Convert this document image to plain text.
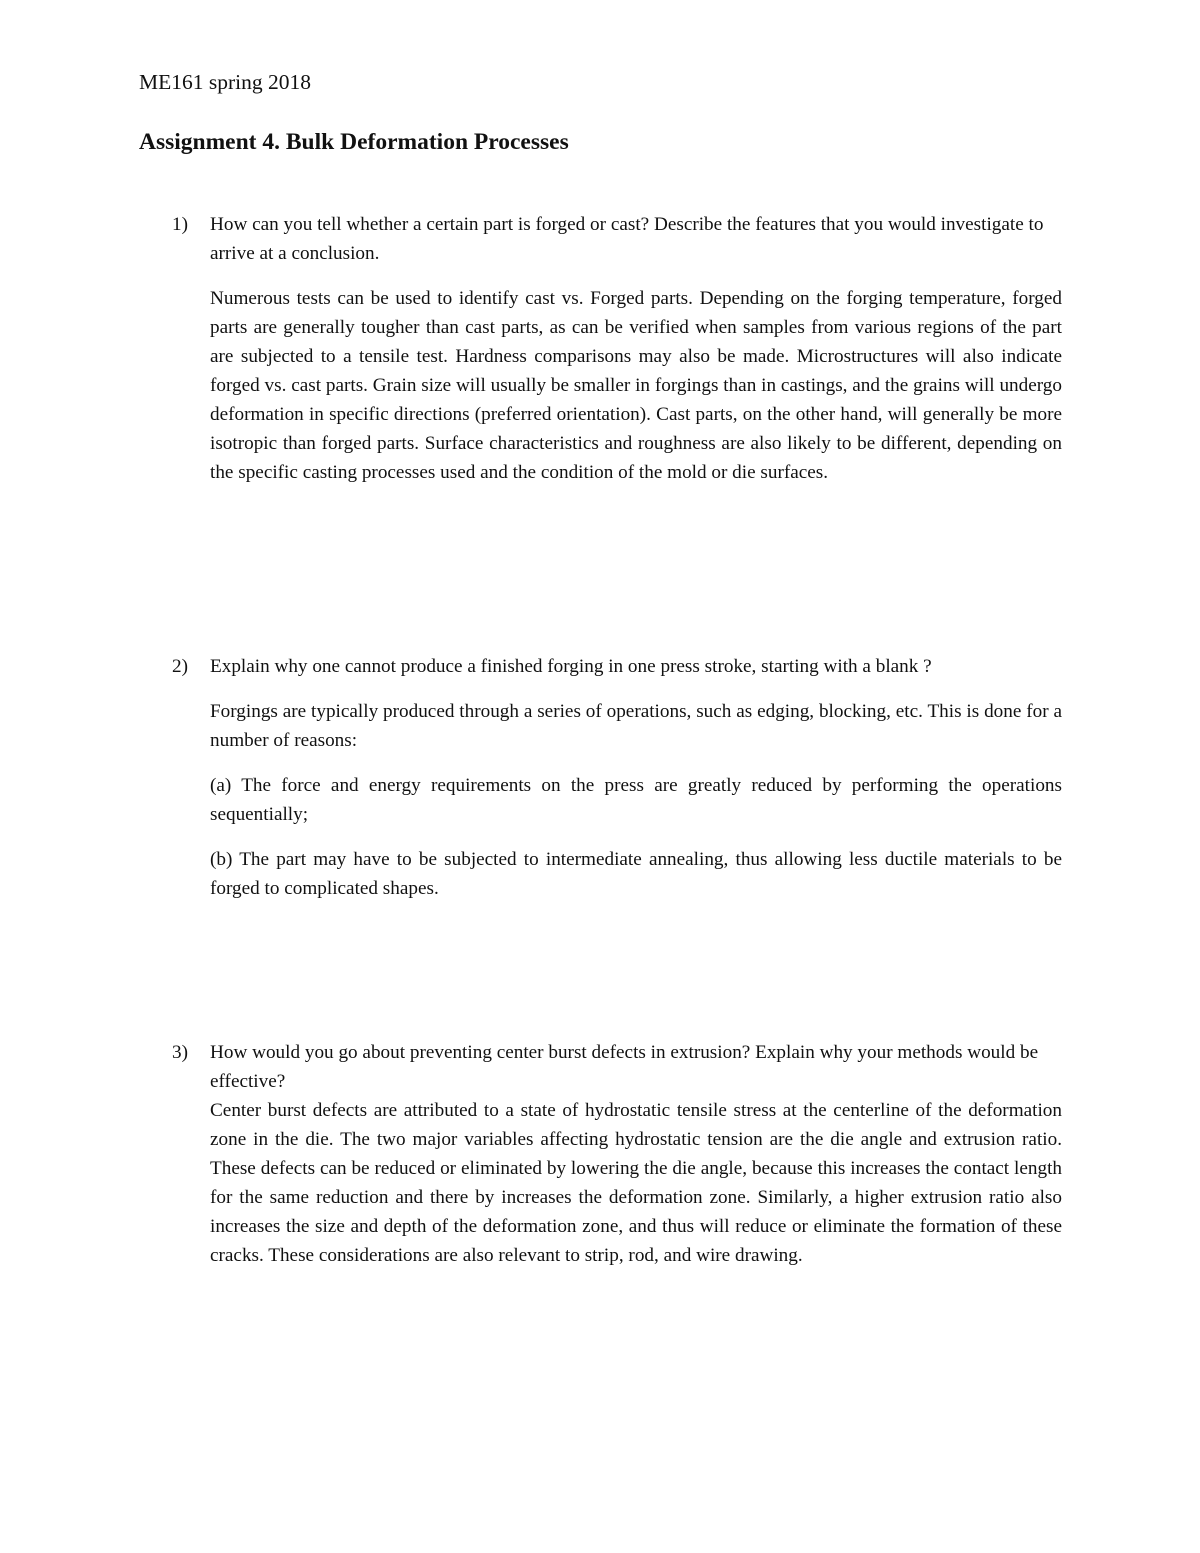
ME161 spring 2018
Assignment 4. Bulk Deformation Processes
1)	How can you tell whether a certain part is forged or cast? Describe the features that you would investigate to arrive at a conclusion.

Numerous tests can be used to identify cast vs. Forged parts. Depending on the forging temperature, forged parts are generally tougher than cast parts, as can be verified when samples from various regions of the part are subjected to a tensile test. Hardness comparisons may also be made. Microstructures will also indicate forged vs. cast parts. Grain size will usually be smaller in forgings than in castings, and the grains will undergo deformation in specific directions (preferred orientation). Cast parts, on the other hand, will generally be more isotropic than forged parts. Surface characteristics and roughness are also likely to be different, depending on the specific casting processes used and the condition of the mold or die surfaces.

2)	Explain why one cannot produce a finished forging in one press stroke, starting with a blank ?

Forgings are typically produced through a series of operations, such as edging, blocking, etc. This is done for a number of reasons:

(a) The force and energy requirements on the press are greatly reduced by performing the operations sequentially;

(b) The part may have to be subjected to intermediate annealing, thus allowing less ductile materials to be forged to complicated shapes.

3)	How would you go about preventing center burst defects in extrusion? Explain why your methods would be effective?

Center burst defects are attributed to a state of hydrostatic tensile stress at the centerline of the deformation zone in the die. The two major variables affecting hydrostatic tension are the die angle and extrusion ratio. These defects can be reduced or eliminated by lowering the die angle, because this increases the contact length for the same reduction and there by increases the deformation zone. Similarly, a higher extrusion ratio also increases the size and depth of the deformation zone, and thus will reduce or eliminate the formation of these cracks. These considerations are also relevant to strip, rod, and wire drawing.
